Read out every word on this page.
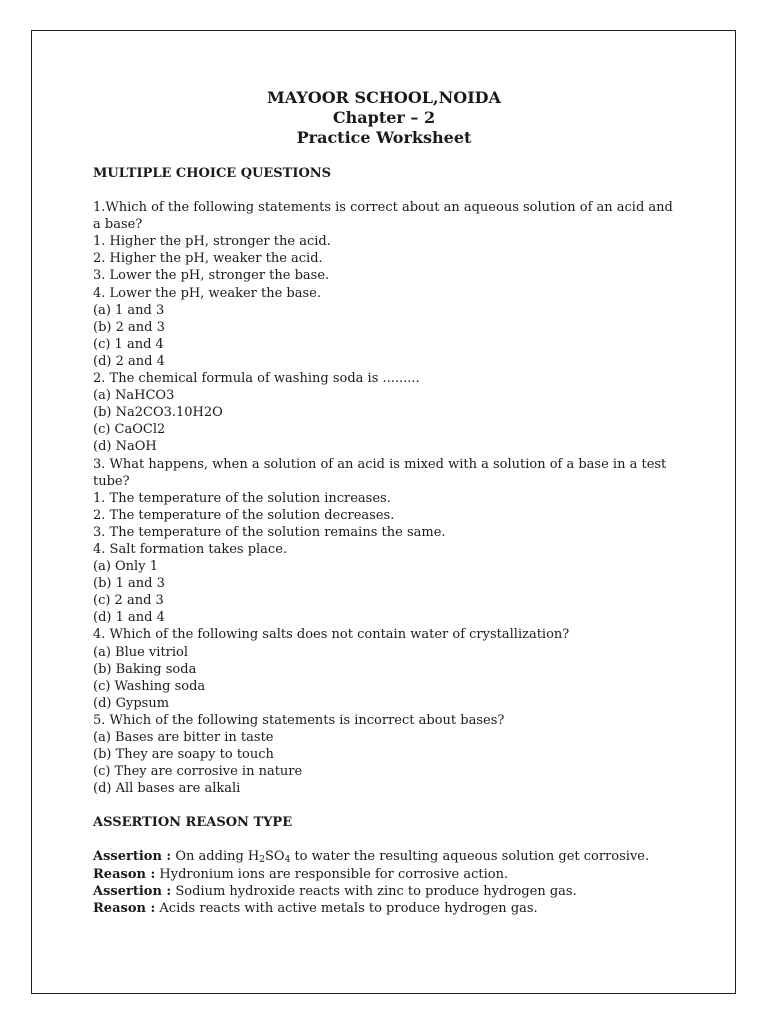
MAYOOR SCHOOL,NOIDA
Chapter – 2
Practice Worksheet
MULTIPLE CHOICE QUESTIONS
1.Which of the following statements is correct about an aqueous solution of an acid and a base?
1. Higher the pH, stronger the acid.
2. Higher the pH, weaker the acid.
3. Lower the pH, stronger the base.
4. Lower the pH, weaker the base.
(a) 1 and 3
(b) 2 and 3
(c) 1 and 4
(d) 2 and 4
2. The chemical formula of washing soda is .........
(a) NaHCO3
(b) Na2CO3.10H2O
(c) CaOCl2
(d) NaOH
3. What happens, when a solution of an acid is mixed with a solution of a base in a test tube?
1. The temperature of the solution increases.
2. The temperature of the solution decreases.
3. The temperature of the solution remains the same.
4. Salt formation takes place.
(a) Only 1
(b) 1 and 3
(c) 2 and 3
(d) 1 and 4
4. Which of the following salts does not contain water of crystallization?
(a) Blue vitriol
(b) Baking soda
(c) Washing soda
(d) Gypsum
5. Which of the following statements is incorrect about bases?
(a) Bases are bitter in taste
(b) They are soapy to touch
(c) They are corrosive in nature
(d) All bases are alkali
ASSERTION REASON TYPE
Assertion : On adding $H_2SO_4$ to water the resulting aqueous solution get corrosive.
Reason : Hydronium ions are responsible for corrosive action.
Assertion : Sodium hydroxide reacts with zinc to produce hydrogen gas.
Reason : Acids reacts with active metals to produce hydrogen gas.
